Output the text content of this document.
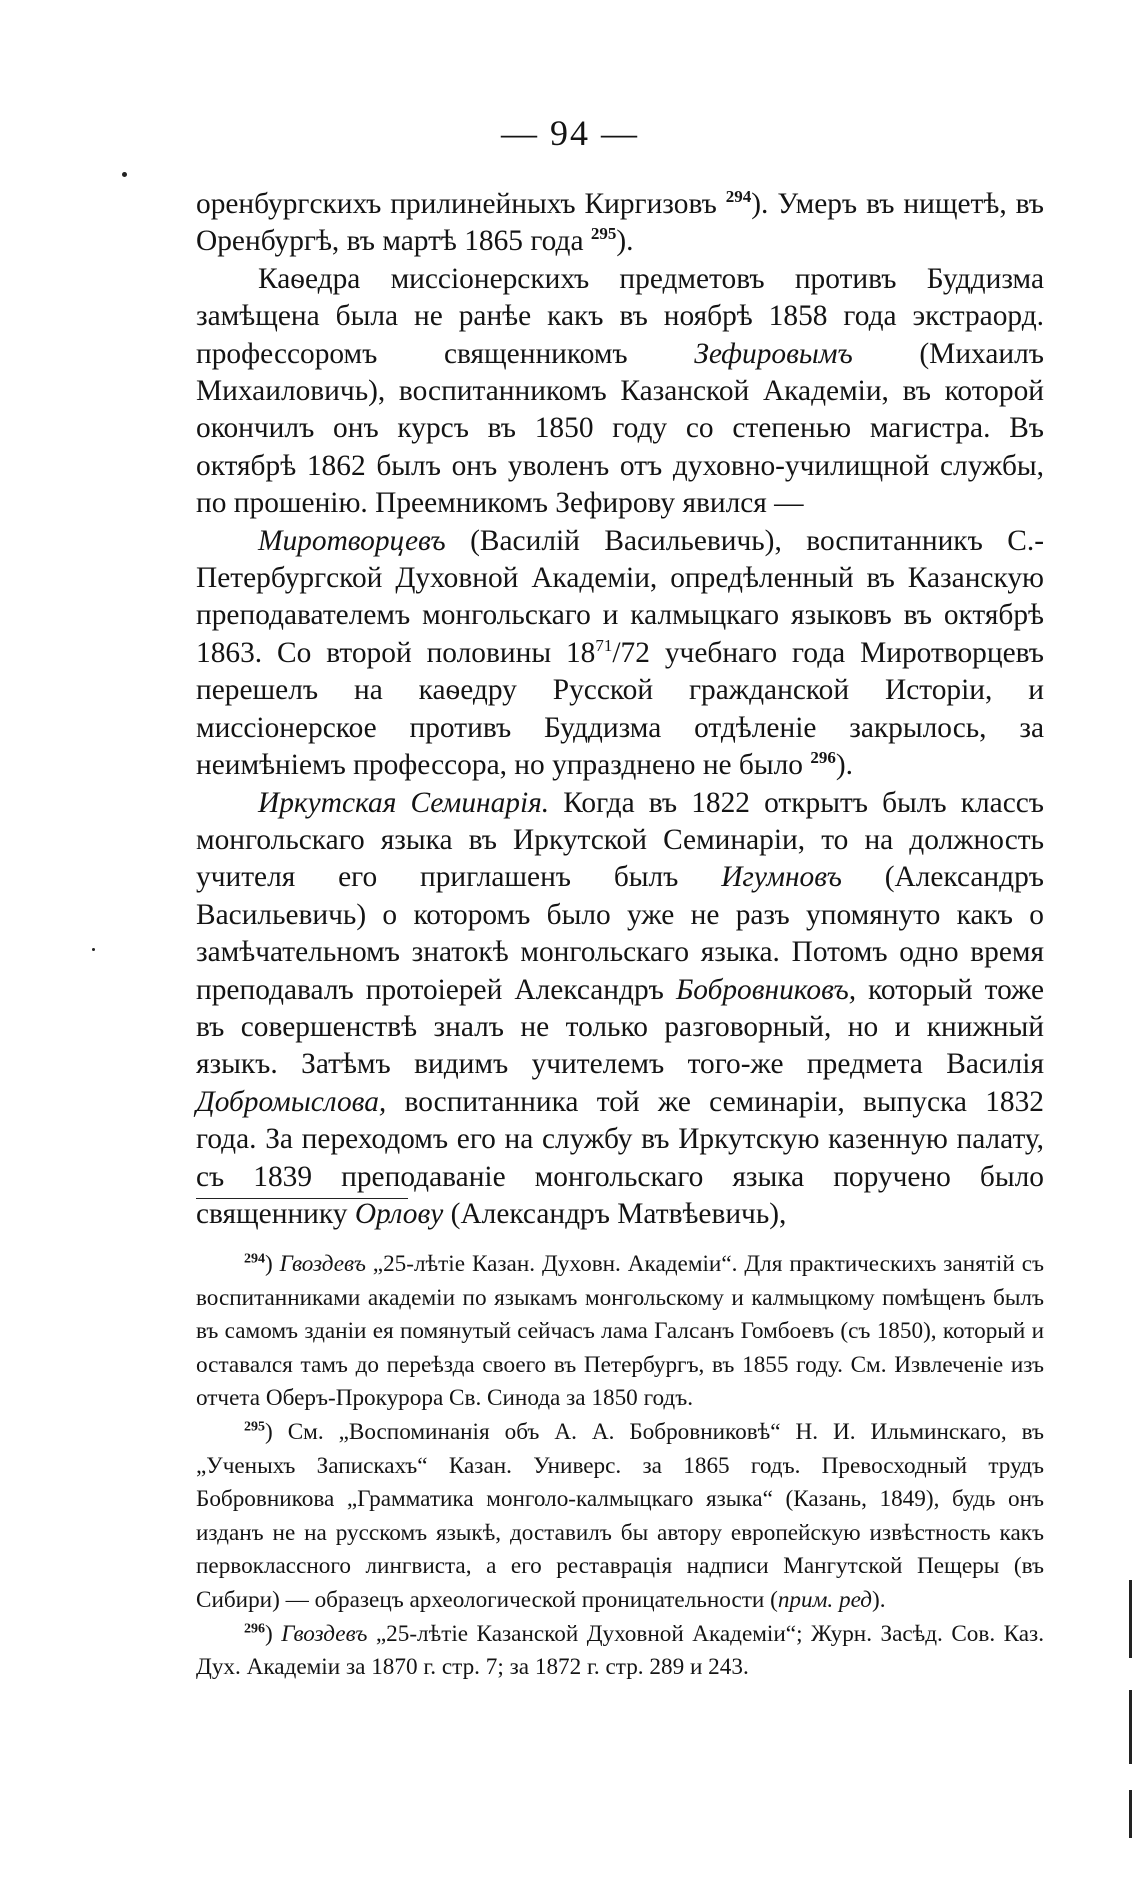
— 94 —

оренбургскихъ прилинейныхъ Киргизовъ $^{294}$). Умеръ въ нищетѣ, въ Оренбургѣ, въ мартѣ 1865 года $^{295}$).

Каѳедра миссіонерскихъ предметовъ противъ Буддизма замѣщена была не ранѣе какъ въ ноябрѣ 1858 года экстраорд. профессоромъ священникомъ Зефировымъ (Михаилъ Михаиловичь), воспитанникомъ Казанской Академіи, въ которой окончилъ онъ курсъ въ 1850 году со степенью магистра. Въ октябрѣ 1862 былъ онъ уволенъ отъ духовно-училищной службы, по прошенію. Преемникомъ Зефирову явился —

Миротворцевъ (Василій Васильевичь), воспитанникъ С.-Петербургской Духовной Академіи, опредѣленный въ Казанскую преподавателемъ монгольскаго и калмыцкаго языковъ въ октябрѣ 1863. Со второй половины 18$^{71}$/72 учебнаго года Миротворцевъ перешелъ на каѳедру Русской гражданской Исторіи, и миссіонерское противъ Буддизма отдѣленіе закрылось, за неимѣніемъ профессора, но упразднено не было $^{296}$).

Иркутская Семинарія. Когда въ 1822 открытъ былъ классъ монгольскаго языка въ Иркутской Семинаріи, то на должность учителя его приглашенъ былъ Игумновъ (Александръ Васильевичь) о которомъ было уже не разъ упомянуто какъ о замѣчательномъ знатокѣ монгольскаго языка. Потомъ одно время преподавалъ протоіерей Александръ Бобровниковъ, который тоже въ совершенствѣ зналъ не только разговорный, но и книжный языкъ. Затѣмъ видимъ учителемъ того-же предмета Василія Добромыслова, воспитанника той же семинаріи, выпуска 1832 года. За переходомъ его на службу въ Иркутскую казенную палату, съ 1839 преподаваніе монгольскаго языка поручено было священнику Орлову (Александръ Матвѣевичь),

$^{294}$) Гвоздевъ „25-лѣтіе Казан. Духовн. Академіи“. Для практическихъ занятій съ воспитанниками академіи по языкамъ монгольскому и калмыцкому помѣщенъ былъ въ самомъ зданіи ея помянутый сейчасъ лама Галсанъ Гомбоевъ (съ 1850), который и оставался тамъ до переѣзда своего въ Петербургъ, въ 1855 году. См. Извлеченіе изъ отчета Оберъ-Прокурора Св. Синода за 1850 годъ.

$^{295}$) См. „Воспоминанія объ А. А. Бобровниковѣ“ Н. И. Ильминскаго, въ „Ученыхъ Запискахъ“ Казан. Универс. за 1865 годъ. Превосходный трудъ Бобровникова „Грамматика монголо-калмыцкаго языка“ (Казань, 1849), будь онъ изданъ не на русскомъ языкѣ, доставилъ бы автору европейскую извѣстность какъ первоклассного лингвиста, а его реставрація надписи Мангутской Пещеры (въ Сибири) — образецъ археологической проницательности (прим. ред).

$^{296}$) Гвоздевъ „25-лѣтіе Казанской Духовной Академіи“; Журн. Засѣд. Сов. Каз. Дух. Академіи за 1870 г. стр. 7; за 1872 г. стр. 289 и 243.
